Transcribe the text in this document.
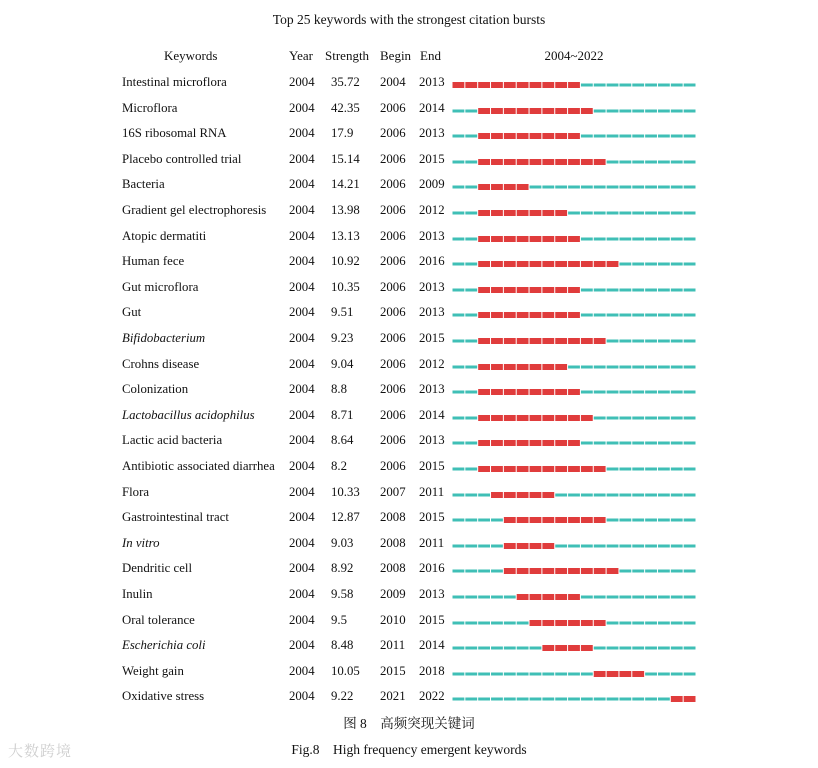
Top 25 keywords with the strongest citation bursts
Keywords	Year Strength Begin End	2004~2022
Intestinal microflora	2004 35.72 2004 2013
Microflora	2004 42.35 2006 2014
16S ribosomal RNA	2004 17.9 2006 2013
Placebo controlled trial	2004 15.14 2006 2015
Bacteria	2004 14.21 2006 2009
Gradient gel electrophoresis 2004 13.98 2006 2012
Atopic dermatiti	2004 13.13 2006 2013
Human fece	2004 10.92 2006 2016
Gut microflora	2004 10.35 2006 2013
Gut	2004 9.51 2006 2013
Bifidobacterium	2004 9.23 2006 2015
Crohns disease	2004 9.04 2006 2012
Colonization	2004 8.8	2006 2013
Lactobacillus acidophilus	2004 8.71 2006 2014
Lactic acid bacteria	2004 8.64 2006 2013
Antibiotic associated diarrhea 2004 8.2	2006 2015
Flora	2004 10.33 2007 2011
Gastrointestinal tract	2004 12.87 2008 2015
In vitro	2004 9.03 2008 2011
Dendritic cell	2004 8.92 2008 2016
Inulin	2004 9.58 2009 2013
Oral tolerance	2004 9.5	2010 2015
Escherichia coli	2004 8.48 2011 2014
Weight gain	2004 10.05 2015 2018
Oxidative stress	2004 9.22 2021 2022
图 8　高频突现关键词
Fig.8　High frequency emergent keywords
大数跨境
